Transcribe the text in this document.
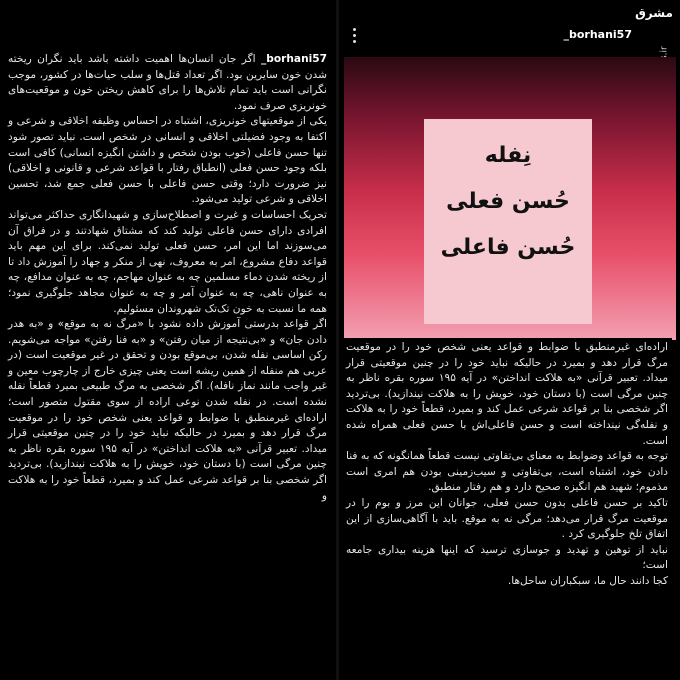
borhani57_ اگر جان انسان‌ها اهمیت داشته باشد باید نگران ریخته شدن خون سایرین بود. اگر تعداد قتل‌ها و سلب حیات‌ها در کشور، موجب نگرانی است باید تمام تلاش‌ها را برای کاهش ریختن خون و موقعیت‌های خونریزی صرف نمود.
یکی از موقعیتهای خونریزی، اشتباه در احساس وظیفه اخلاقی و شرعی و اکتفا به وجود فضیلتی اخلاقی و انسانی در شخص است. نباید تصور شود تنها حسن فاعلی (خوب بودن شخص و داشتن انگیزه انسانی) کافی است بلکه وجود حسن فعلی (انطباق رفتار با قواعد شرعی و قانونی و اخلاقی) نیز ضرورت دارد؛ وقتی حسن فاعلی با حسن فعلی جمع شد، تحسین اخلاقی و شرعی تولید می‌شود.
تحریک احساسات و غیرت و اصطلاح‌سازی و شهیدانگاری حداکثر می‌تواند افرادی دارای حسن فاعلی تولید کند که مشتاق شهادتند و در فراق آن می‌سوزند اما این امر، حسن فعلی تولید نمی‌کند. برای این مهم باید قواعد دفاع مشروع، امر به معروف، نهی از منکر و جهاد را آموزش داد تا از ریخته شدن دماء مسلمین چه به عنوان مهاجم، چه به عنوان مدافع، چه به عنوان ناهی، چه به عنوان آمر و چه به عنوان مجاهد جلوگیری نمود؛ همه ما نسبت به خون تک‌تک شهروندان مسئولیم.
اگر قواعد بدرستی آموزش داده نشود با «مرگ نه به موقع» و «به هدر دادن جان» و «بی‌نتیجه از میان رفتن» و «به فنا رفتن» مواجه می‌شویم. رکن اساسی نفله شدن، بی‌موقع بودن و تحقق در غیر موقعیت است (در عربی هم منفله از همین ریشه است یعنی چیزی خارج از چارچوب معین و غیر واجب مانند نماز نافله). اگر شخصی به مرگ طبیعی بمیرد قطعاً نفله نشده است. در نفله شدن نوعی اراده از سوی مقتول متصور است؛ اراده‌ای غیرمنطبق با ضوابط و قواعد یعنی شخص خود را در موقعیت مرگ قرار دهد و بمیرد در حالیکه نباید خود را در چنین موقعیتی قرار میداد. تعبیر قرآنی «به هلاکت انداختن» در آیه ۱۹۵ سوره بقره ناظر به چنین مرگی است (با دستان خود، خویش را به هلاکت نیندازید). بی‌تردید اگر شخصی بنا بر قواعد شرعی عمل کند و بمیرد، قطعاً خود را به هلاکت و
مشرق
_borhani57
نِفله
حُسن فعلی
حُسن فاعلی
اراده‌ای غیرمنطبق با ضوابط و قواعد یعنی شخص خود را در موقعیت مرگ قرار دهد و بمیرد در حالیکه نباید خود را در چنین موقعیتی قرار میداد. تعبیر قرآنی «به هلاکت انداختن» در آیه ۱۹۵ سوره بقره ناظر به چنین مرگی است (با دستان خود، خویش را به هلاکت نیندازید). بی‌تردید اگر شخصی بنا بر قواعد شرعی عمل کند و بمیرد، قطعاً خود را به هلاکت و نفله‌گی نینداخته است و حسن فاعلی‌اش با حسن فعلی همراه شده است.
توجه به قواعد وضوابط به معنای بی‌تفاوتی نیست قطعاً همانگونه که به فنا دادن خود، اشتباه است، بی‌تفاوتی و سیب‌زمینی بودن هم امری است مذموم؛ شهید هم انگیزه صحیح دارد و هم رفتار منطبق.
تاکید بر حسن فاعلی بدون حسن فعلی، جوانان این مرز و بوم را در موقعیت مرگ قرار می‌دهد؛ مرگی نه به موقع. باید با آگاهی‌سازی از این اتفاق تلخ جلوگیری کرد .
نباید از توهین و تهدید و جوسازی ترسید که اینها هزینه بیداری جامعه است؛
کجا دانند حال ما، سبکباران ساحل‌ها.
